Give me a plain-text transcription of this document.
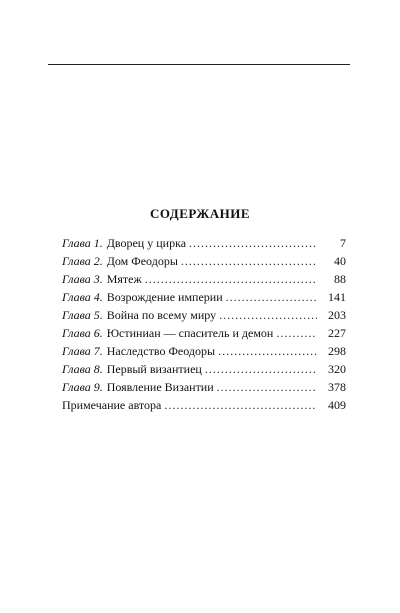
СОДЕРЖАНИЕ
Глава 1. Дворец у цирка .....	7
Глава 2. Дом Феодоры .....	40
Глава 3. Мятеж .....	88
Глава 4. Возрождение империи .....	141
Глава 5. Война по всему миру .....	203
Глава 6. Юстиниан — спаситель и демон .....	227
Глава 7. Наследство Феодоры .....	298
Глава 8. Первый византиец .....	320
Глава 9. Появление Византии .....	378
Примечание автора .....	409
